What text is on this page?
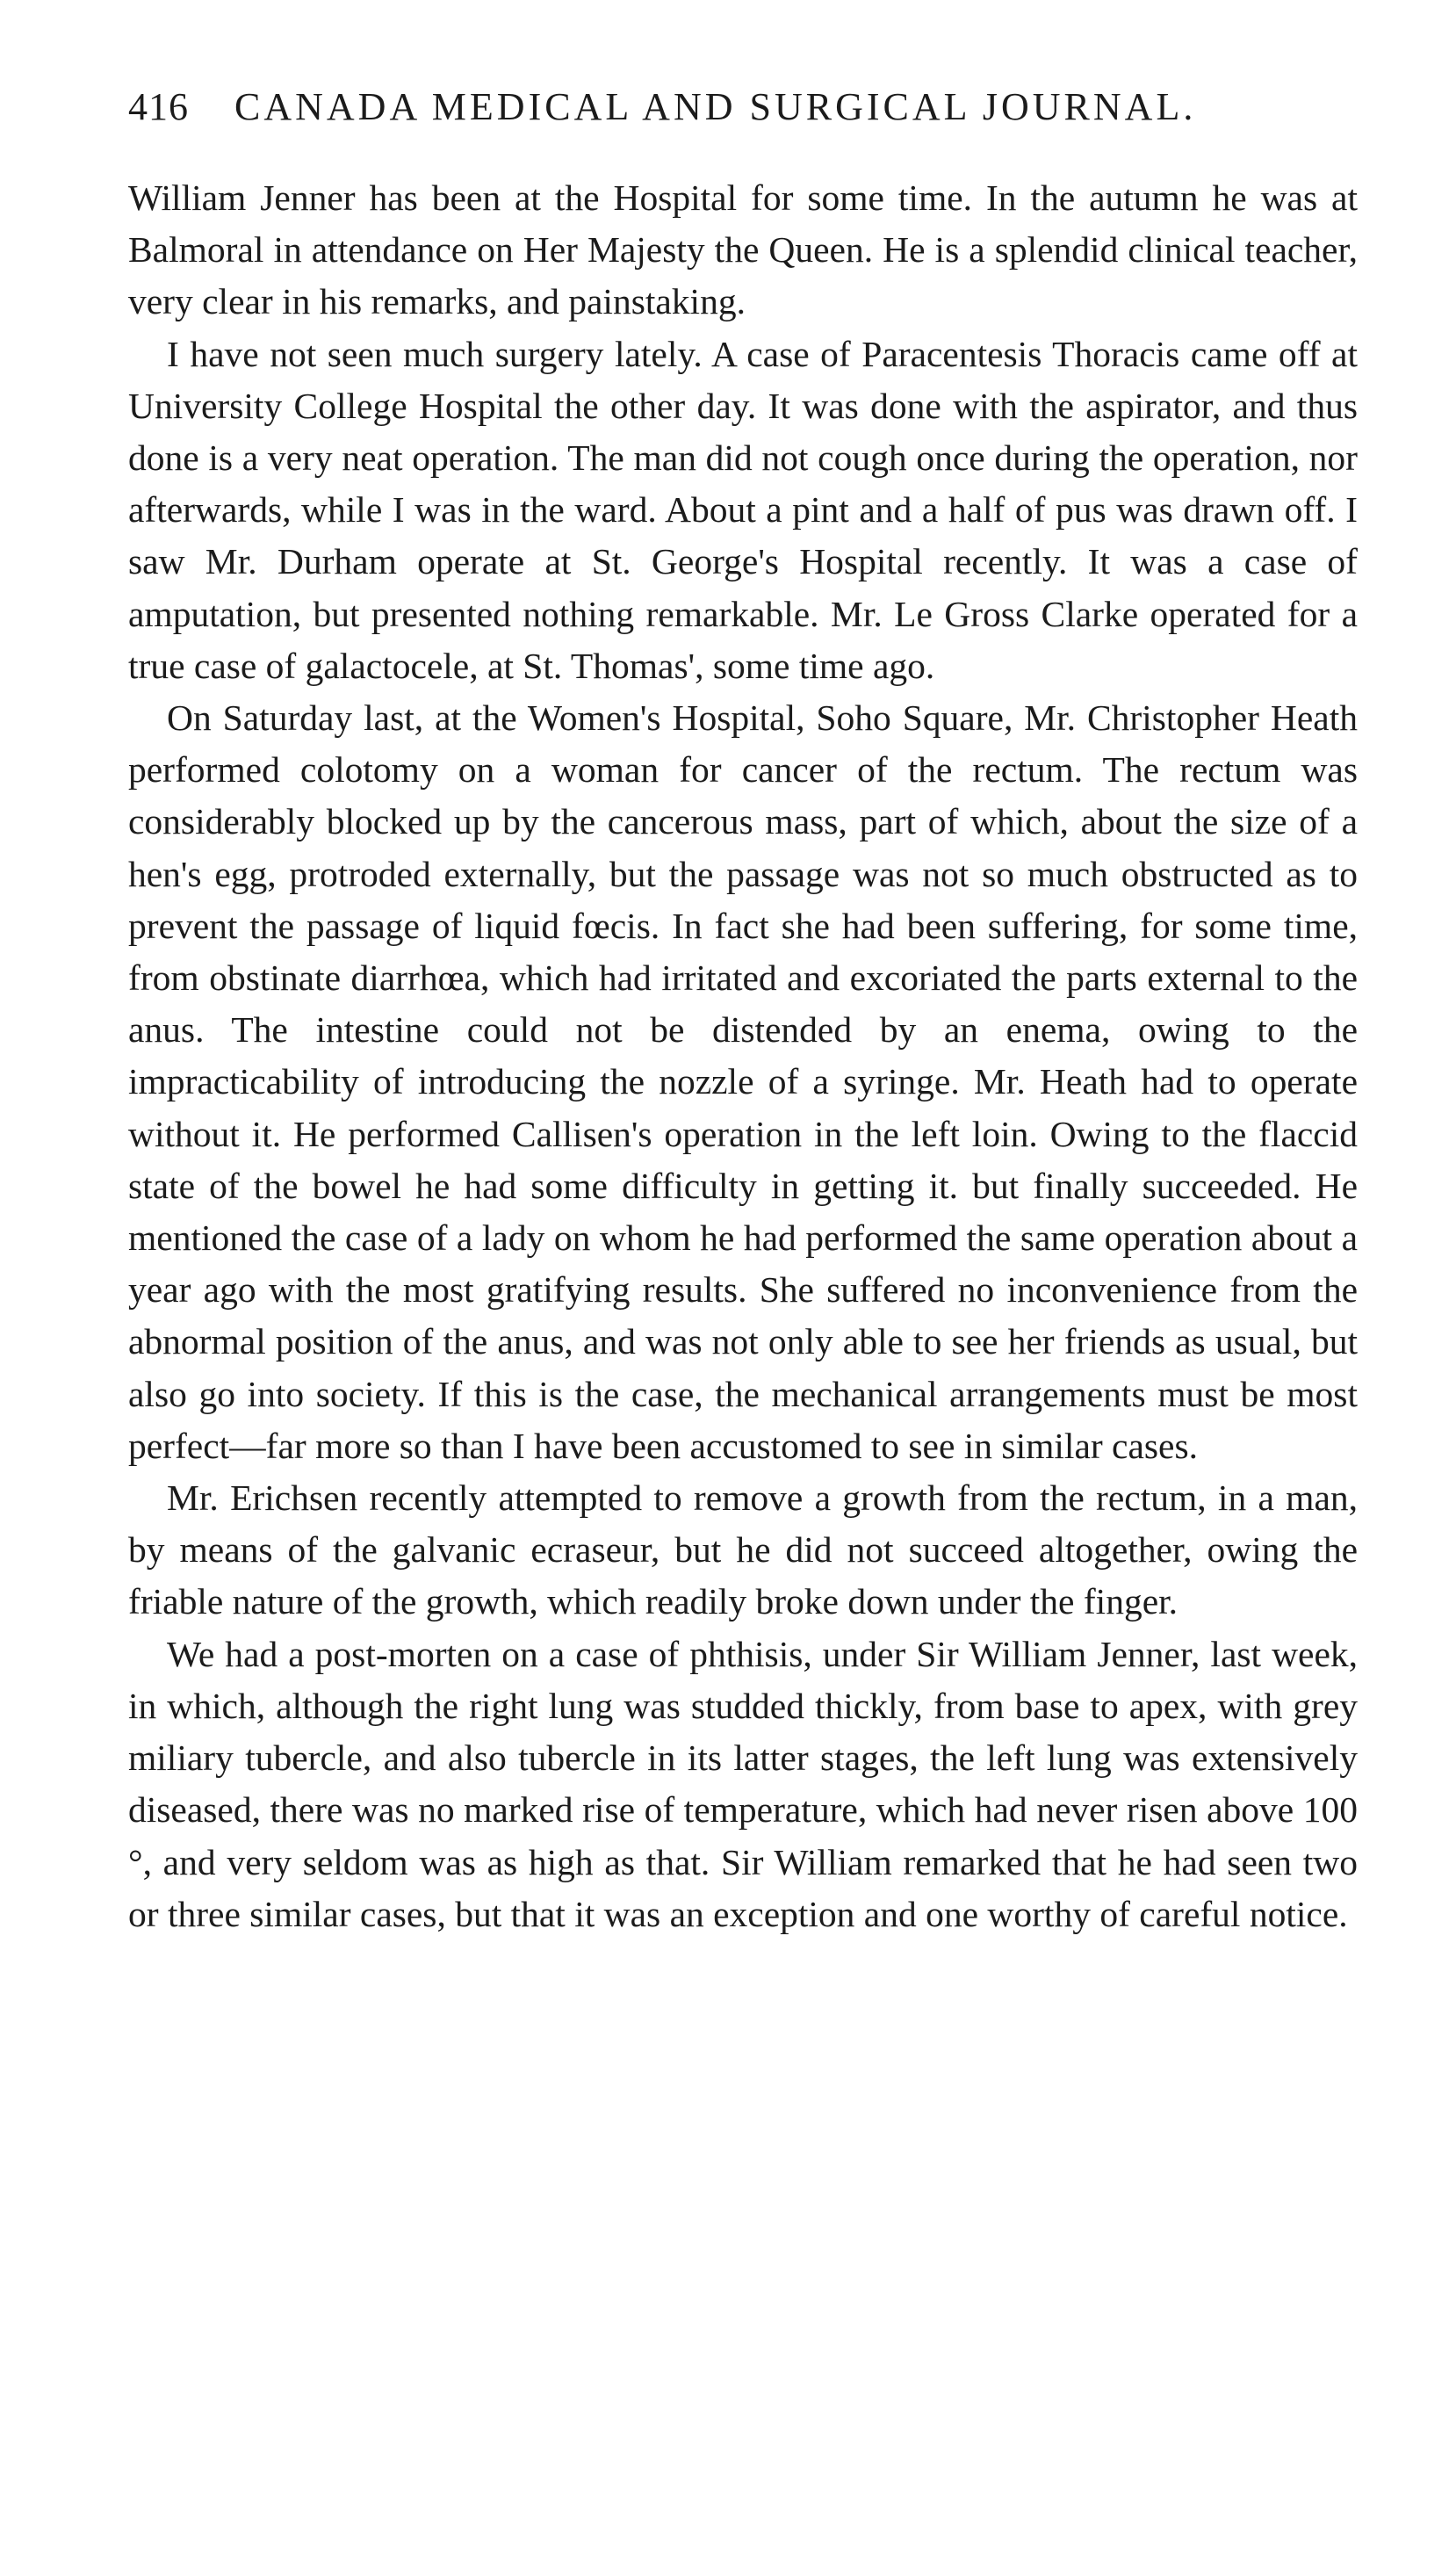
416 CANADA MEDICAL AND SURGICAL JOURNAL.

William Jenner has been at the Hospital for some time. In the autumn he was at Balmoral in attendance on Her Majesty the Queen. He is a splendid clinical teacher, very clear in his remarks, and painstaking.

I have not seen much surgery lately. A case of Paracentesis Thoracis came off at University College Hospital the other day. It was done with the aspirator, and thus done is a very neat operation. The man did not cough once during the operation, nor afterwards, while I was in the ward. About a pint and a half of pus was drawn off. I saw Mr. Durham operate at St. George's Hospital recently. It was a case of amputation, but presented nothing remarkable. Mr. Le Gross Clarke operated for a true case of galactocele, at St. Thomas', some time ago.

On Saturday last, at the Women's Hospital, Soho Square, Mr. Christopher Heath performed colotomy on a woman for cancer of the rectum. The rectum was considerably blocked up by the cancerous mass, part of which, about the size of a hen's egg, protroded externally, but the passage was not so much obstructed as to prevent the passage of liquid fœcis. In fact she had been suffering, for some time, from obstinate diarrhœa, which had irritated and excoriated the parts external to the anus. The intestine could not be distended by an enema, owing to the impracticability of introducing the nozzle of a syringe. Mr. Heath had to operate without it. He performed Callisen's operation in the left loin. Owing to the flaccid state of the bowel he had some difficulty in getting it. but finally succeeded. He mentioned the case of a lady on whom he had performed the same operation about a year ago with the most gratifying results. She suffered no inconvenience from the abnormal position of the anus, and was not only able to see her friends as usual, but also go into society. If this is the case, the mechanical arrangements must be most perfect—far more so than I have been accustomed to see in similar cases.

Mr. Erichsen recently attempted to remove a growth from the rectum, in a man, by means of the galvanic ecraseur, but he did not succeed altogether, owing the friable nature of the growth, which readily broke down under the finger.

We had a post-morten on a case of phthisis, under Sir William Jenner, last week, in which, although the right lung was studded thickly, from base to apex, with grey miliary tubercle, and also tubercle in its latter stages, the left lung was extensively diseased, there was no marked rise of temperature, which had never risen above 100 °, and very seldom was as high as that. Sir William remarked that he had seen two or three similar cases, but that it was an exception and one worthy of careful notice.
